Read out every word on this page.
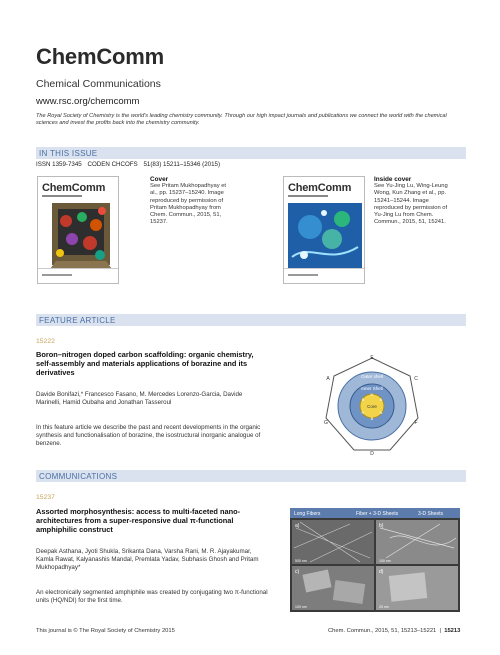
ChemComm
Chemical Communications
www.rsc.org/chemcomm
The Royal Society of Chemistry is the world's leading chemistry community. Through our high impact journals and publications we connect the world with the chemical sciences and invest the profits back into the chemistry community.
IN THIS ISSUE
ISSN 1359-7345 CODEN CHCOFS 51(83) 15211–15346 (2015)
ChemComm
Cover
See Pritam Mukhopadhyay et al., pp. 15237–15240. Image reproduced by permission of Pritam Mukhopadhyay from Chem. Commun., 2015, 51, 15237.
ChemComm
Inside cover
See Yu-Jing Lu, Wing-Leung Wong, Kun Zhang et al., pp. 15241–15244. Image reproduced by permission of Yu-Jing Lu from Chem. Commun., 2015, 51, 15241.
FEATURE ARTICLE
15222
Boron–nitrogen doped carbon scaffolding: organic chemistry, self-assembly and materials applications of borazine and its derivatives
Davide Bonifazi,* Francesco Fasano, M. Mercedes Lorenzo-Garcia, Davide Marinelli, Hamid Oubaha and Jonathan Tasseroul
In this feature article we describe the past and recent developments in the organic synthesis and functionalisation of borazine, the isostructural inorganic analogue of benzene.
E
C
F
D
G
A	Outer shell
Inner Shell
Core
N
B
N
B
N
B
COMMUNICATIONS
15237
Assorted morphosynthesis: access to multi-faceted nano-architectures from a super-responsive dual π-functional amphiphilic construct
Deepak Asthana, Jyoti Shukla, Srikanta Dana, Varsha Rani, M. R. Ajayakumar, Kamla Rawat, Kalyanashis Mandal, Premlata Yadav, Subhasis Ghosh and Pritam Mukhopadhyay*
An electronically segmented amphiphile was created by conjugating two π-functional units (HQ/NDI) for the first time.
Long Fibers	Fiber + 3-D Sheets	3-D Sheets
a)	b)
c)	d)
500 nm	100 nm
100 nm	20 nm
This journal is © The Royal Society of Chemistry 2015	Chem. Commun., 2015, 51, 15213–15221  |  15213
